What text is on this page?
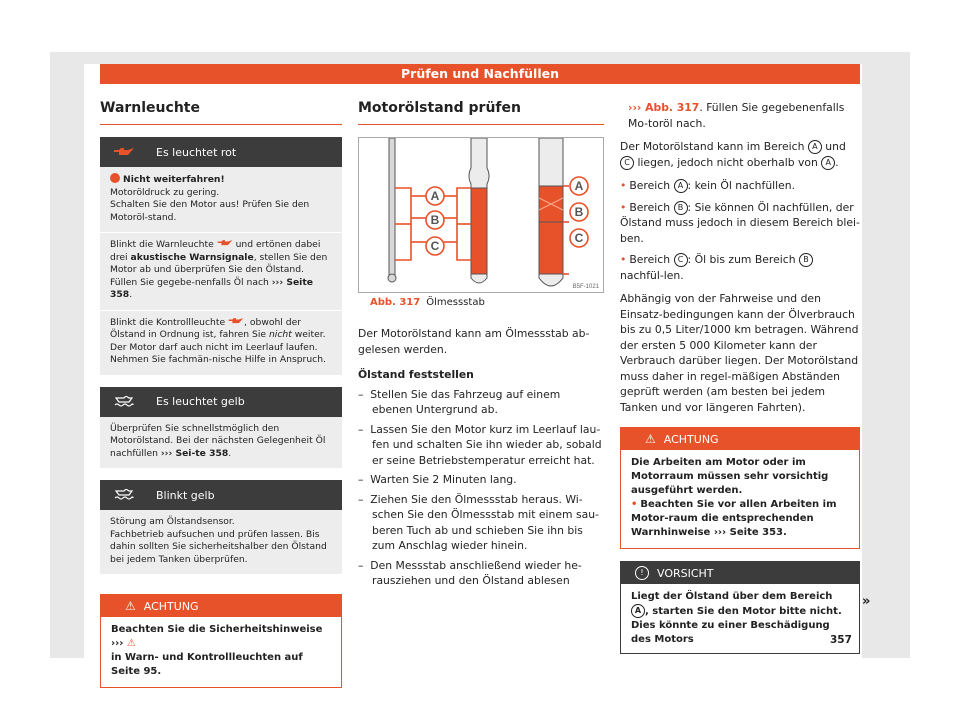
Prüfen und Nachfüllen
Warnleuchte
Es leuchtet rot
Nicht weiterfahren!
Motoröldruck zu gering.
Schalten Sie den Motor aus! Prüfen Sie den Motoröl-stand.
Blinkt die Warnleuchte und ertönen dabei drei akustische Warnsignale, stellen Sie den Motor ab und überprüfen Sie den Ölstand. Füllen Sie gegebe-nenfalls Öl nach ››› Seite 358.
Blinkt die Kontrollleuchte , obwohl der Ölstand in Ordnung ist, fahren Sie nicht weiter. Der Motor darf auch nicht im Leerlauf laufen. Nehmen Sie fachmän-nische Hilfe in Anspruch.
Es leuchtet gelb
Überprüfen Sie schnellstmöglich den Motorölstand. Bei der nächsten Gelegenheit Öl nachfüllen ››› Sei-te 358.
Blinkt gelb
Störung am Ölstandsensor.
Fachbetrieb aufsuchen und prüfen lassen. Bis dahin sollten Sie sicherheitshalber den Ölstand bei jedem Tanken überprüfen.
⚠ ACHTUNG
Beachten Sie die Sicherheitshinweise ››› ⚠
in Warn- und Kontrollleuchten auf Seite 95.
Motorölstand prüfen
A
B
C
A
B
C
B5F-1021
Abb. 317 Ölmessstab
Der Motorölstand kann am Ölmessstab ab-gelesen werden.
Ölstand feststellen
– Stellen Sie das Fahrzeug auf einem ebenen Untergrund ab.
– Lassen Sie den Motor kurz im Leerlauf lau-fen und schalten Sie ihn wieder ab, sobald er seine Betriebstemperatur erreicht hat.
– Warten Sie 2 Minuten lang.
– Ziehen Sie den Ölmessstab heraus. Wi-schen Sie den Ölmessstab mit einem sau-beren Tuch ab und schieben Sie ihn bis zum Anschlag wieder hinein.
– Den Messstab anschließend wieder he-rausziehen und den Ölstand ablesen
››› Abb. 317. Füllen Sie gegebenenfalls Mo-toröl nach.
Der Motorölstand kann im Bereich A und C liegen, jedoch nicht oberhalb von A .
• Bereich A : kein Öl nachfüllen.
• Bereich B : Sie können Öl nachfüllen, der Ölstand muss jedoch in diesem Bereich blei-ben.
• Bereich C : Öl bis zum Bereich B nachfül-len.
Abhängig von der Fahrweise und den Einsatz-bedingungen kann der Ölverbrauch bis zu 0,5 Liter/1000 km betragen. Während der ersten 5 000 Kilometer kann der Verbrauch darüber liegen. Der Motorölstand muss daher in regel-mäßigen Abständen geprüft werden (am besten bei jedem Tanken und vor längeren Fahrten).
⚠ ACHTUNG
Die Arbeiten am Motor oder im Motorraum müssen sehr vorsichtig ausgeführt werden.
• Beachten Sie vor allen Arbeiten im Motor-raum die entsprechenden Warnhinweise ››› Seite 353.
!	VORSICHT
Liegt der Ölstand über dem Bereich A , starten Sie den Motor bitte nicht. Dies könnte zu einer Beschädigung des Motors
»
357
